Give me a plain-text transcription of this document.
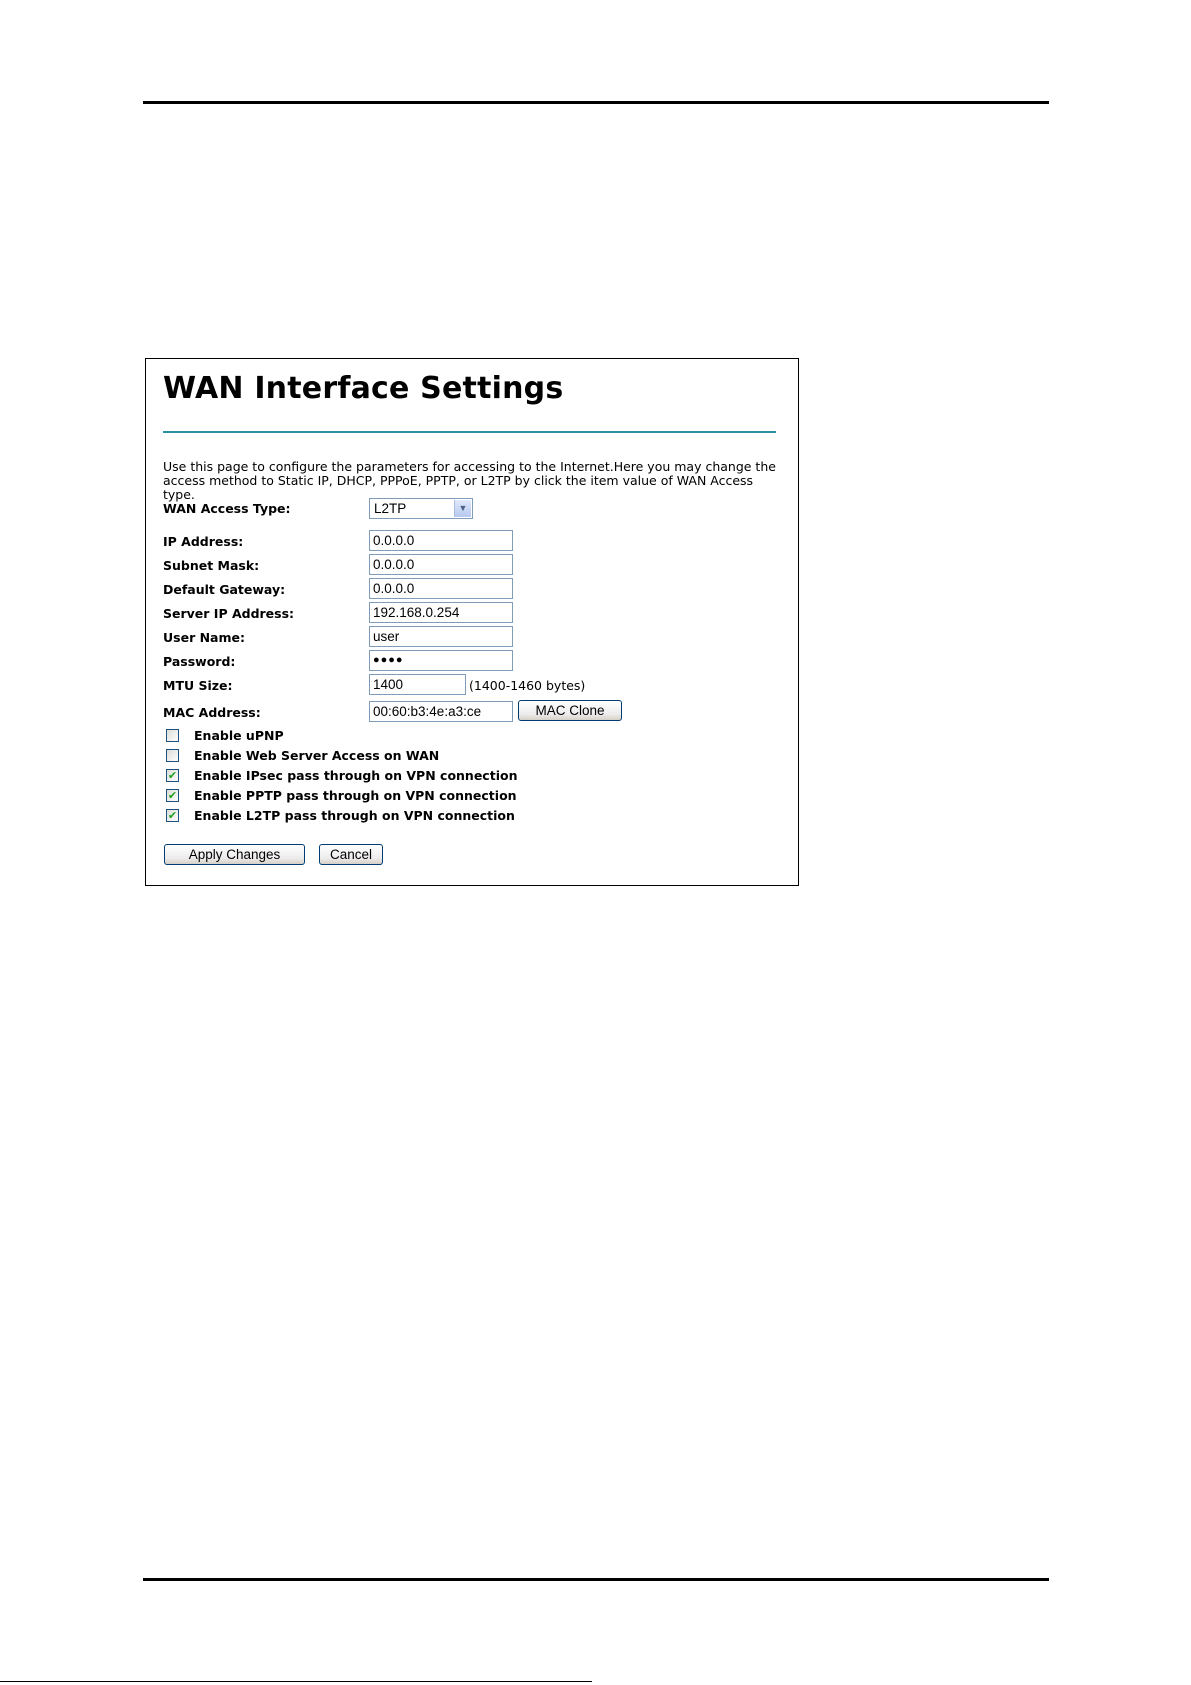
WAN Interface Settings

Use this page to configure the parameters for accessing to the Internet.Here you may change the access method to Static IP, DHCP, PPPoE, PPTP, or L2TP by click the item value of WAN Access type.

WAN Access Type:	L2TP	▼
IP Address:	0.0.0.0
Subnet Mask:	0.0.0.0
Default Gateway:	0.0.0.0
Server IP Address:	192.168.0.254
User Name:	user
Password:	●●●●
MTU Size:	1400	(1400-1460 bytes)
MAC Address:	00:60:b3:4e:a3:ce	MAC Clone
Enable uPNP
Enable Web Server Access on WAN
✔ Enable IPsec pass through on VPN connection
✔ Enable PPTP pass through on VPN connection
✔ Enable L2TP pass through on VPN connection
Apply Changes	Cancel
